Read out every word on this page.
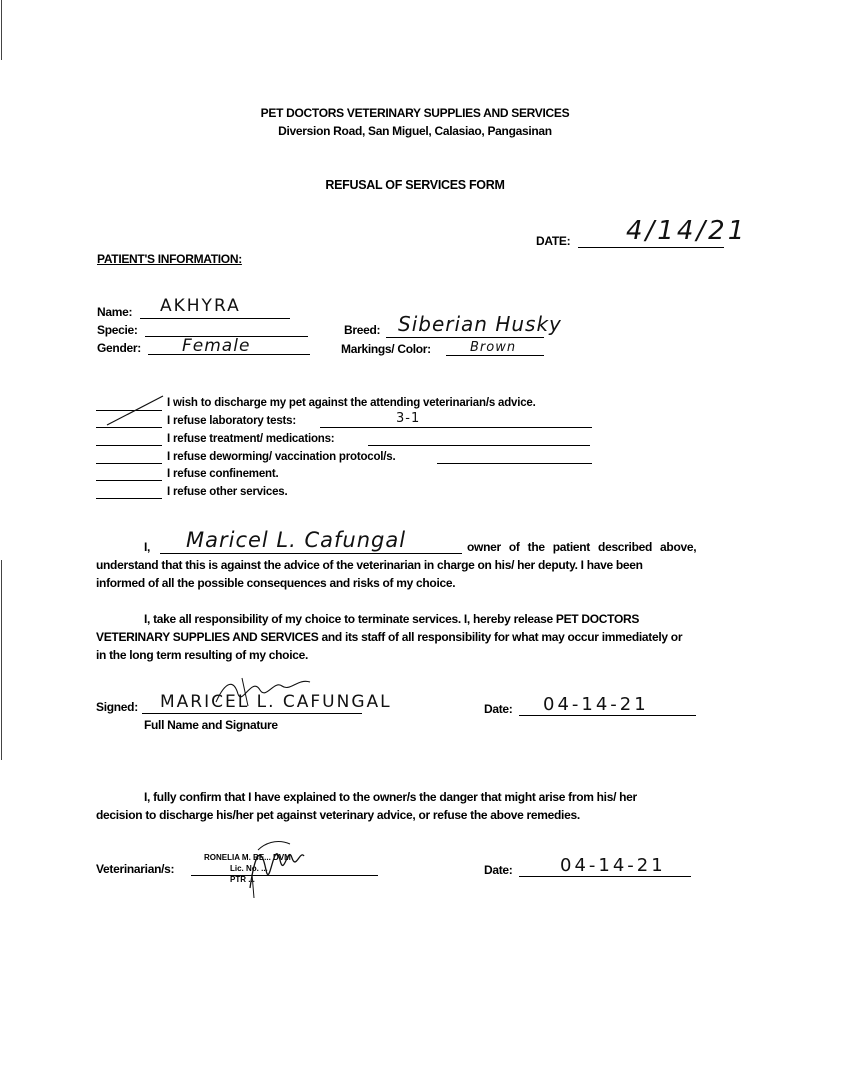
PET DOCTORS VETERINARY SUPPLIES AND SERVICES
Diversion Road, San Miguel, Calasiao, Pangasinan
REFUSAL OF SERVICES FORM
DATE: 4/14/21
PATIENT'S INFORMATION:
Name: AKHYRA
Specie:
Gender: Female
Breed: Siberian Husky
Markings/ Color:	Brown
I wish to discharge my pet against the attending veterinarian/s advice.
I refuse laboratory tests:	3-1
I refuse treatment/ medications:
I refuse deworming/ vaccination protocol/s.
I refuse confinement.
I refuse other services.
I, Maricel L. Cafungal	owner of the patient described above,
understand that this is against the advice of the veterinarian in charge on his/ her deputy. I have been
informed of all the possible consequences and risks of my choice.
I, take all responsibility of my choice to terminate services. I, hereby release PET DOCTORS
VETERINARY SUPPLIES AND SERVICES and its staff of all responsibility for what may occur immediately or
in the long term resulting of my choice.
Signed: MARICEL L. CAFUNGAL
Full Name and Signature
Date: 04-14-21
I, fully confirm that I have explained to the owner/s the danger that might arise from his/ her
decision to discharge his/her pet against veterinary advice, or refuse the above remedies.
Veterinarian/s:
RONELIA M. BE... DVM
Lic. No. ...
PTR ...
Date:	04-14-21
